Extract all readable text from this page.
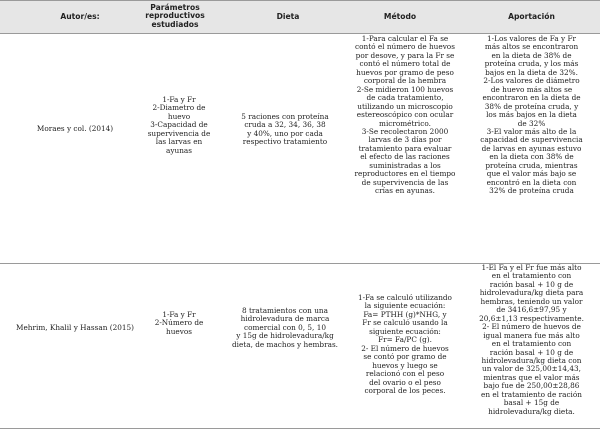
Autor/es:
Parámetros
reproductivos
estudiados
Dieta	Método	Aportación
Moraes y col. (2014)
1-Fa y Fr
2-Diametro de
huevo
3-Capacidad de
supervivencia de
las larvas en
ayunas
5 raciones con proteína
cruda a 32, 34, 36, 38
y 40%, uno por cada
respectivo tratamiento
1-Para calcular el Fa se
contó el número de huevos
por desove, y para la Fr se
contó el número total de
huevos por gramo de peso
corporal de la hembra
2-Se midieron 100 huevos
de cada tratamiento,
utilizando un microscopio
estereoscópico con ocular
micrométrico.
3-Se recolectaron 2000
larvas de 3 días por
tratamiento para evaluar
el efecto de las raciones
suministradas a los
reproductores en el tiempo
de supervivencia de las
crías en ayunas.
1-Los valores de Fa y Fr
más altos se encontraron
en la dieta de 38% de
proteína cruda, y los más
bajos en la dieta de 32%.
2-Los valores de diámetro
de huevo más altos se
encontraron en la dieta de
38% de proteína cruda, y
los más bajos en la dieta
de 32%
3-El valor más alto de la
capacidad de supervivencia
de larvas en ayunas estuvo
en la dieta con 38% de
proteína cruda, mientras
que el valor más bajo se
encontró en la dieta con
32% de proteína cruda
Mehrim, Khalil y Hassan (2015)
1-Fa y Fr
2-Número de
huevos
8 tratamientos con una
hidrolevadura de marca
comercial con 0, 5, 10
y 15g de hidrolevadura/kg
dieta, de machos y hembras.
1-Fa se calculó utilizando
la siguiente ecuación:
Fa= PTHH (g)*NHG, y
Fr se calculó usando la
siguiente ecuación:
Fr= Fa/PC (g).
2- El número de huevos
se contó por gramo de
huevos y luego se
relacionó con el peso
del ovario o el peso
corporal de los peces.
1-El Fa y el Fr fue más alto
en el tratamiento con
ración basal + 10 g de
hidrolevadura/kg dieta para
hembras, teniendo un valor
de 3416,6±97,95 y
20,6±1,13 respectivamente.
2- El número de huevos de
igual manera fue más alto
en el tratamiento con
ración basal + 10 g de
hidrolevadura/kg dieta con
un valor de 325,00±14,43,
mientras que el valor más
bajo fue de 250,00±28,86
en el tratamiento de ración
basal + 15g de
hidrolevadura/kg dieta.
